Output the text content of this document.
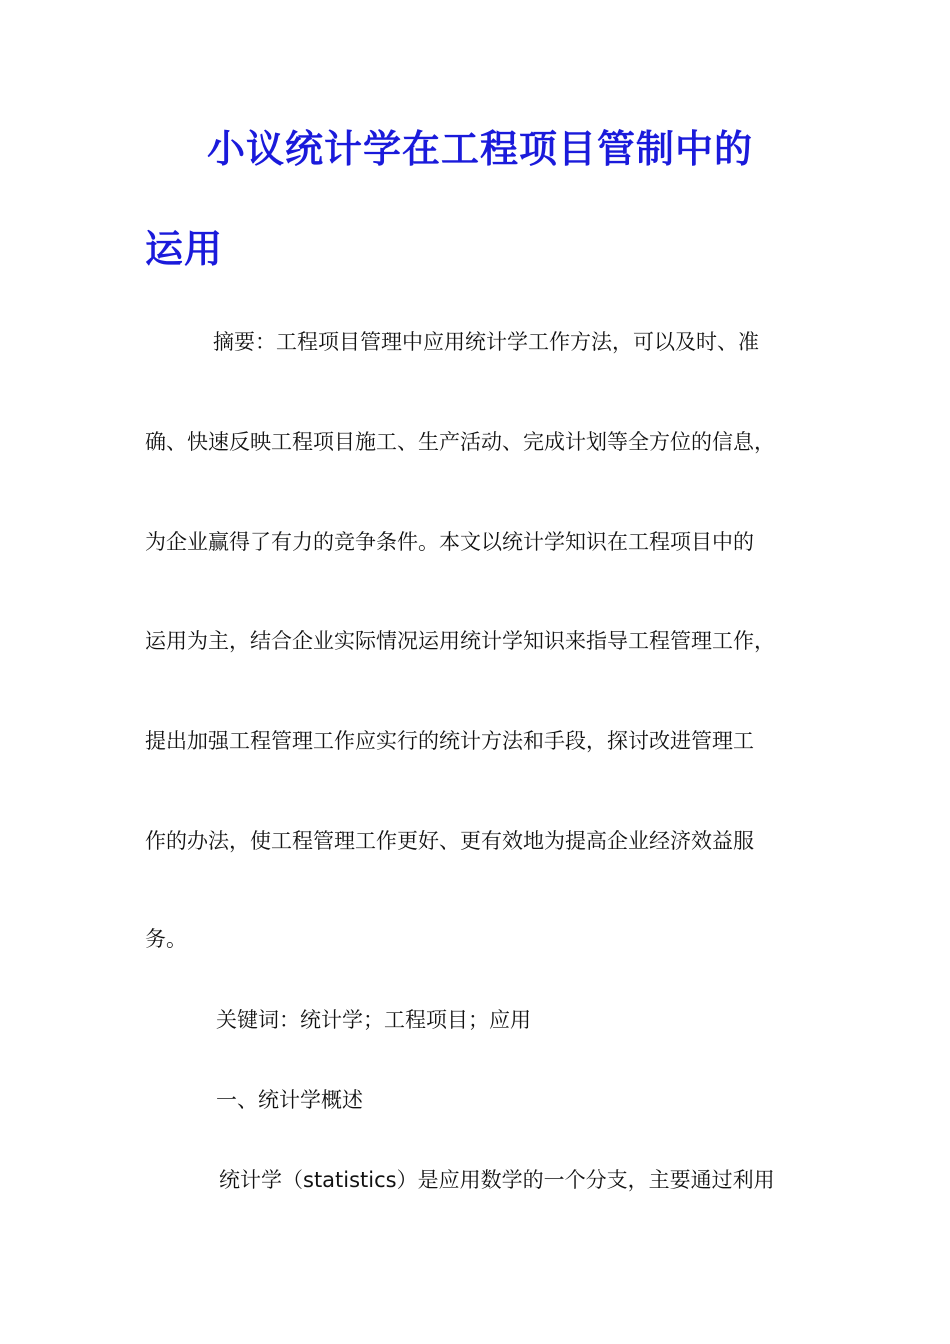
小议统计学在工程项目管制中的
运用
摘要：工程项目管理中应用统计学工作方法，可以及时、准
确、快速反映工程项目施工、生产活动、完成计划等全方位的信息，
为企业赢得了有力的竞争条件。本文以统计学知识在工程项目中的
运用为主，结合企业实际情况运用统计学知识来指导工程管理工作，
提出加强工程管理工作应实行的统计方法和手段，探讨改进管理工
作的办法，使工程管理工作更好、更有效地为提高企业经济效益服
务。
关键词：统计学；工程项目；应用
一、统计学概述
统计学（statistics）是应用数学的一个分支，主要通过利用
